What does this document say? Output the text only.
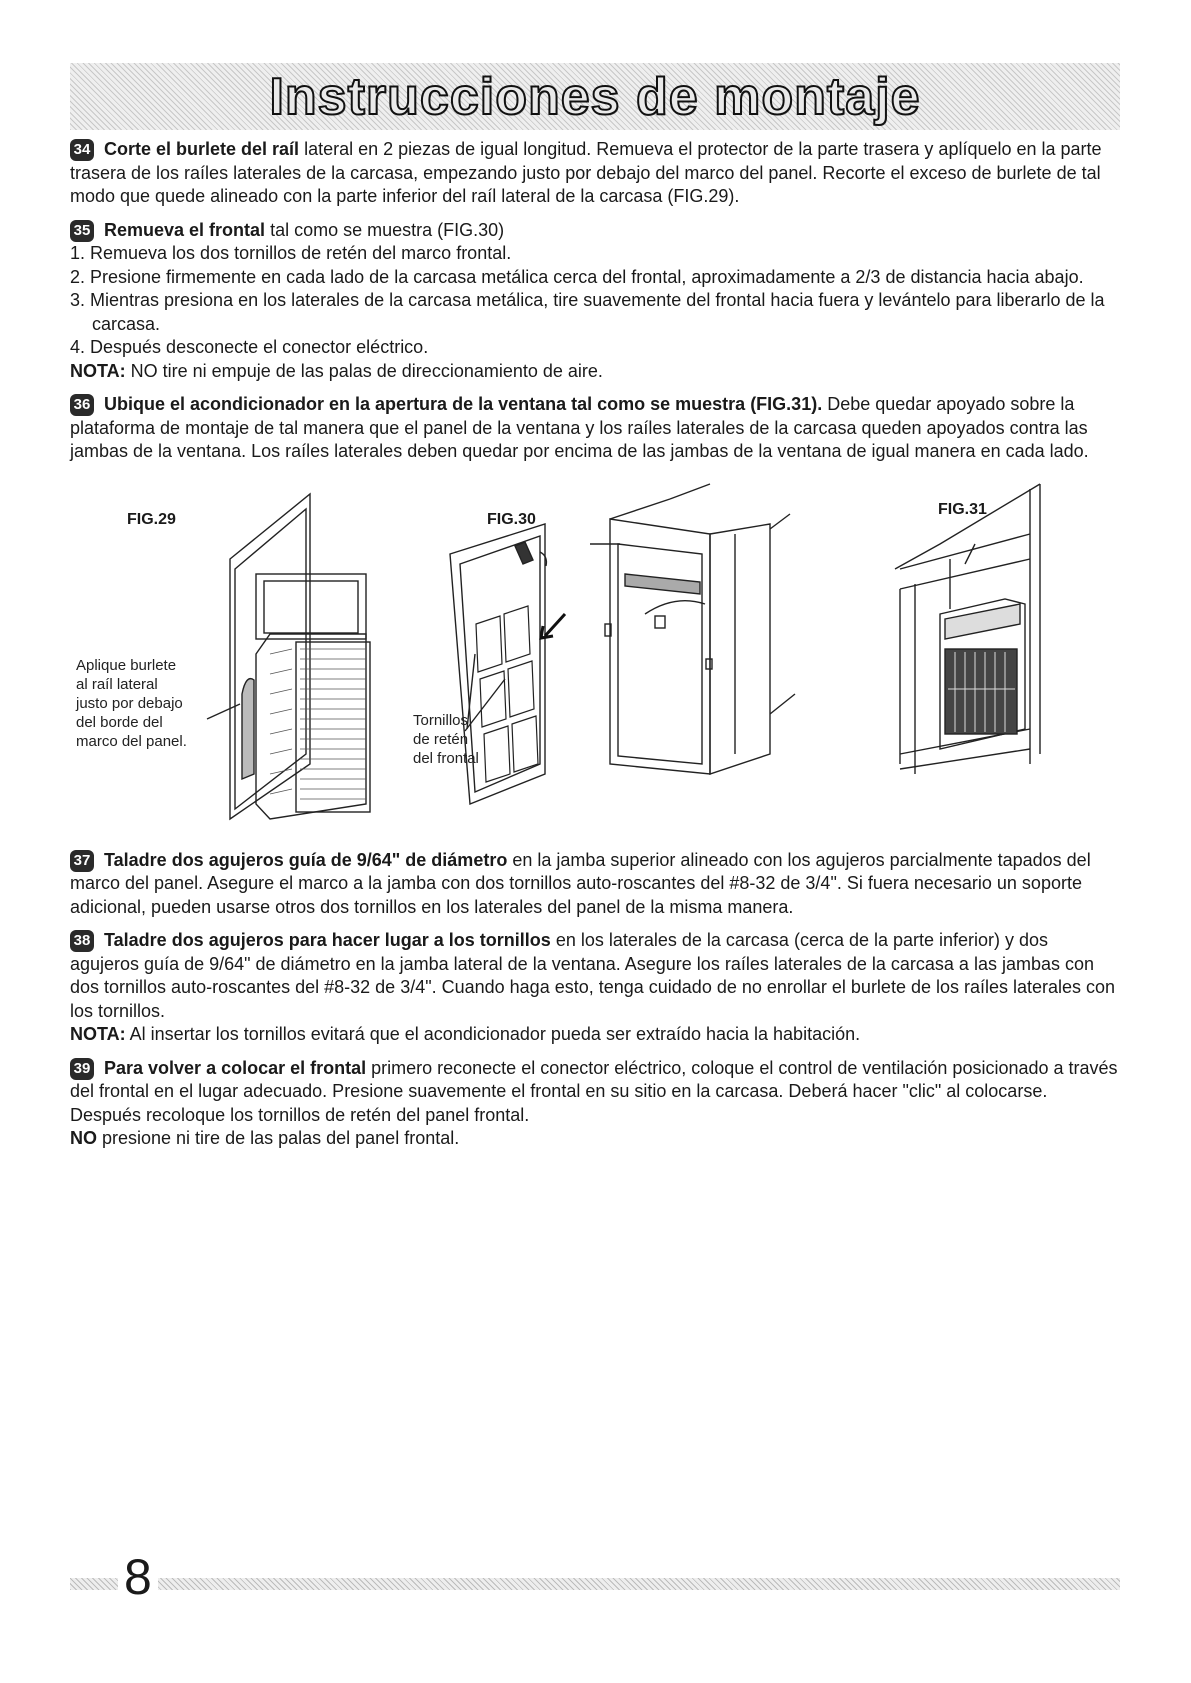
Instrucciones de montaje

34 Corte el burlete del raíl lateral en 2 piezas de igual longitud. Remueva el protector de la parte trasera y aplíquelo en la parte trasera de los raíles laterales de la carcasa, empezando justo por debajo del marco del panel. Recorte el exceso de burlete de tal modo que quede alineado con la parte inferior del raíl lateral de la carcasa (FIG.29).

35 Remueva el frontal tal como se muestra (FIG.30)

1. Remueva los dos tornillos de retén del marco frontal.
2. Presione firmemente en cada lado de la carcasa metálica cerca del frontal, aproximadamente a 2/3 de distancia hacia abajo.
3. Mientras presiona en los laterales de la carcasa metálica, tire suavemente del frontal hacia fuera y levántelo para liberarlo de la carcasa.
4. Después desconecte el conector eléctrico.

NOTA: NO tire ni empuje de las palas de direccionamiento de aire.

36 Ubique el acondicionador en la apertura de la ventana tal como se muestra (FIG.31). Debe quedar apoyado sobre la plataforma de montaje de tal manera que el panel de la ventana y los raíles laterales de la carcasa queden apoyados contra las jambas de la ventana. Los raíles laterales deben quedar por encima de las jambas de la ventana de igual manera en cada lado.

FIG.29	FIG.30
FIG.31
Aplique burlete
al raíl lateral
justo por debajo
del borde del
marco del panel.
Tornillos
de retén
del frontal

37 Taladre dos agujeros guía de 9/64" de diámetro en la jamba superior alineado con los agujeros parcialmente tapados del marco del panel. Asegure el marco a la jamba con dos tornillos auto-roscantes del #8-32 de 3/4". Si fuera necesario un soporte adicional, pueden usarse otros dos tornillos en los laterales del panel de la misma manera.

38 Taladre dos agujeros para hacer lugar a los tornillos en los laterales de la carcasa (cerca de la parte inferior) y dos agujeros guía de 9/64" de diámetro en la jamba lateral de la ventana. Asegure los raíles laterales de la carcasa a las jambas con dos tornillos auto-roscantes del #8-32 de 3/4". Cuando haga esto, tenga cuidado de no enrollar el burlete de los raíles laterales con los tornillos.

NOTA: Al insertar los tornillos evitará que el acondicionador pueda ser extraído hacia la habitación.

39 Para volver a colocar el frontal primero reconecte el conector eléctrico, coloque el control de ventilación posicionado a través del frontal en el lugar adecuado. Presione suavemente el frontal en su sitio en la carcasa. Deberá hacer "clic" al colocarse. Después recoloque los tornillos de retén del panel frontal.

NO presione ni tire de las palas del panel frontal.

8
